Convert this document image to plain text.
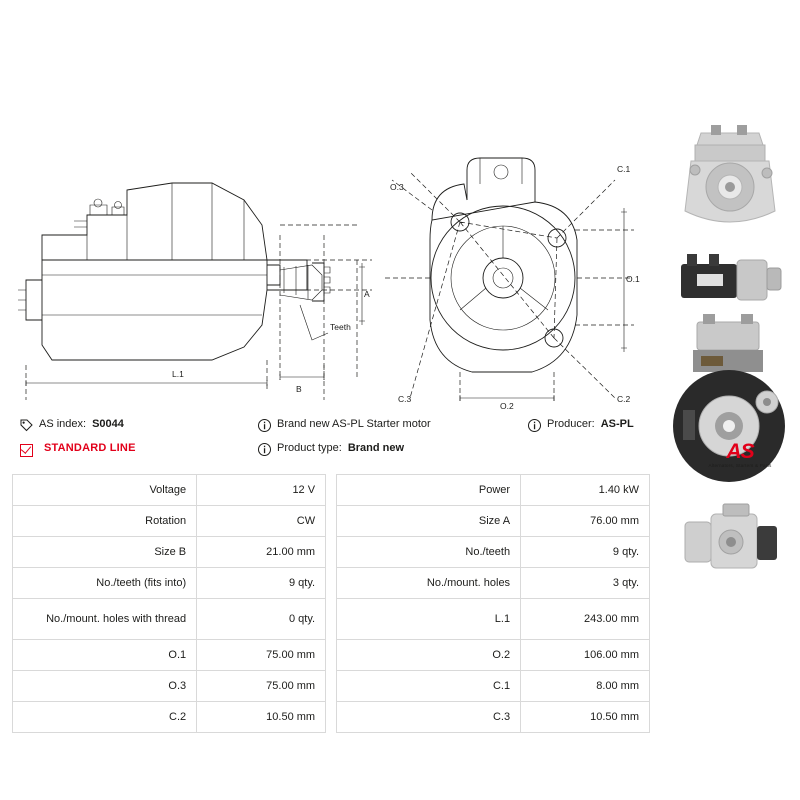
Teeth
A
B
L.1
O.1
O.3
O.2
C.1
C.2
C.3
AS index: S0044
STANDARD LINE
Brand new AS-PL Starter motor
Product type: Brand new
Producer: AS-PL
AS
Alternators, Starters & Parts
Voltage	12 V
Rotation	CW
Size B	21.00 mm
No./teeth (fits into)	9 qty.
No./mount. holes with thread	0 qty.
O.1	75.00 mm
O.3	75.00 mm
C.2	10.50 mm
Power	1.40 kW
Size A	76.00 mm
No./teeth	9 qty.
No./mount. holes	3 qty.
L.1	243.00 mm
O.2	106.00 mm
C.1	8.00 mm
C.3	10.50 mm
